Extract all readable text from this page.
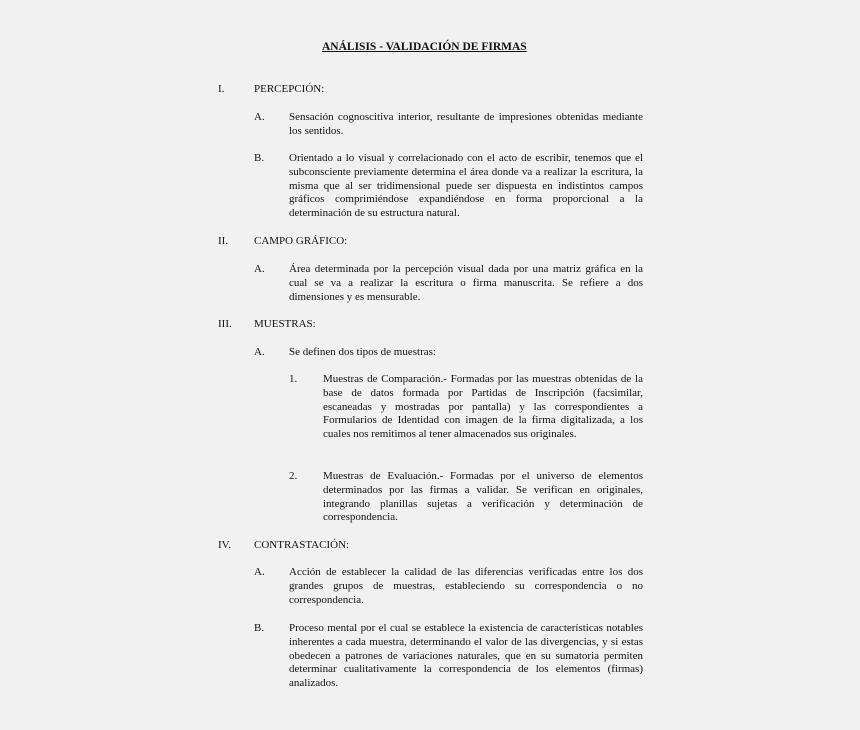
ANÁLISIS - VALIDACIÓN DE FIRMAS
I.	PERCEPCIÓN:
A. Sensación cognoscitiva interior, resultante de impresiones obtenidas mediante los sentidos.
B. Orientado a lo visual y correlacionado con el acto de escribir, tenemos que el subconsciente previamente determina el área donde va a realizar la escritura, la misma que al ser tridimensional puede ser dispuesta en indistintos campos gráficos comprimiéndose expandiéndose en forma proporcional a la determinación de su estructura natural.
II. CAMPO GRÁFICO:
A. Área determinada por la percepción visual dada por una matriz gráfica en la cual se va a realizar la escritura o firma manuscrita. Se refiere a dos dimensiones y es mensurable.
III. MUESTRAS:
A. Se definen dos tipos de muestras:
1. Muestras de Comparación.- Formadas por las muestras obtenidas de la base de datos formada por Partidas de Inscripción (facsimilar, escaneadas y mostradas por pantalla) y las correspondientes a Formularios de Identidad con imagen de la firma digitalizada, a los cuales nos remitimos al tener almacenados sus originales.
2. Muestras de Evaluación.- Formadas por el universo de elementos determinados por las firmas a validar. Se verifican en originales, integrando planillas sujetas a verificación y determinación de correspondencia.
IV. CONTRASTACIÓN:
A. Acción de establecer la calidad de las diferencias verificadas entre los dos grandes grupos de muestras, estableciendo su correspondencia o no correspondencia.
B. Proceso mental por el cual se establece la existencia de características notables inherentes a cada muestra, determinando el valor de las divergencias, y si estas obedecen a patrones de variaciones naturales, que en su sumatoria permiten determinar cualitativamente la correspondencia de los elementos (firmas) analizados.
